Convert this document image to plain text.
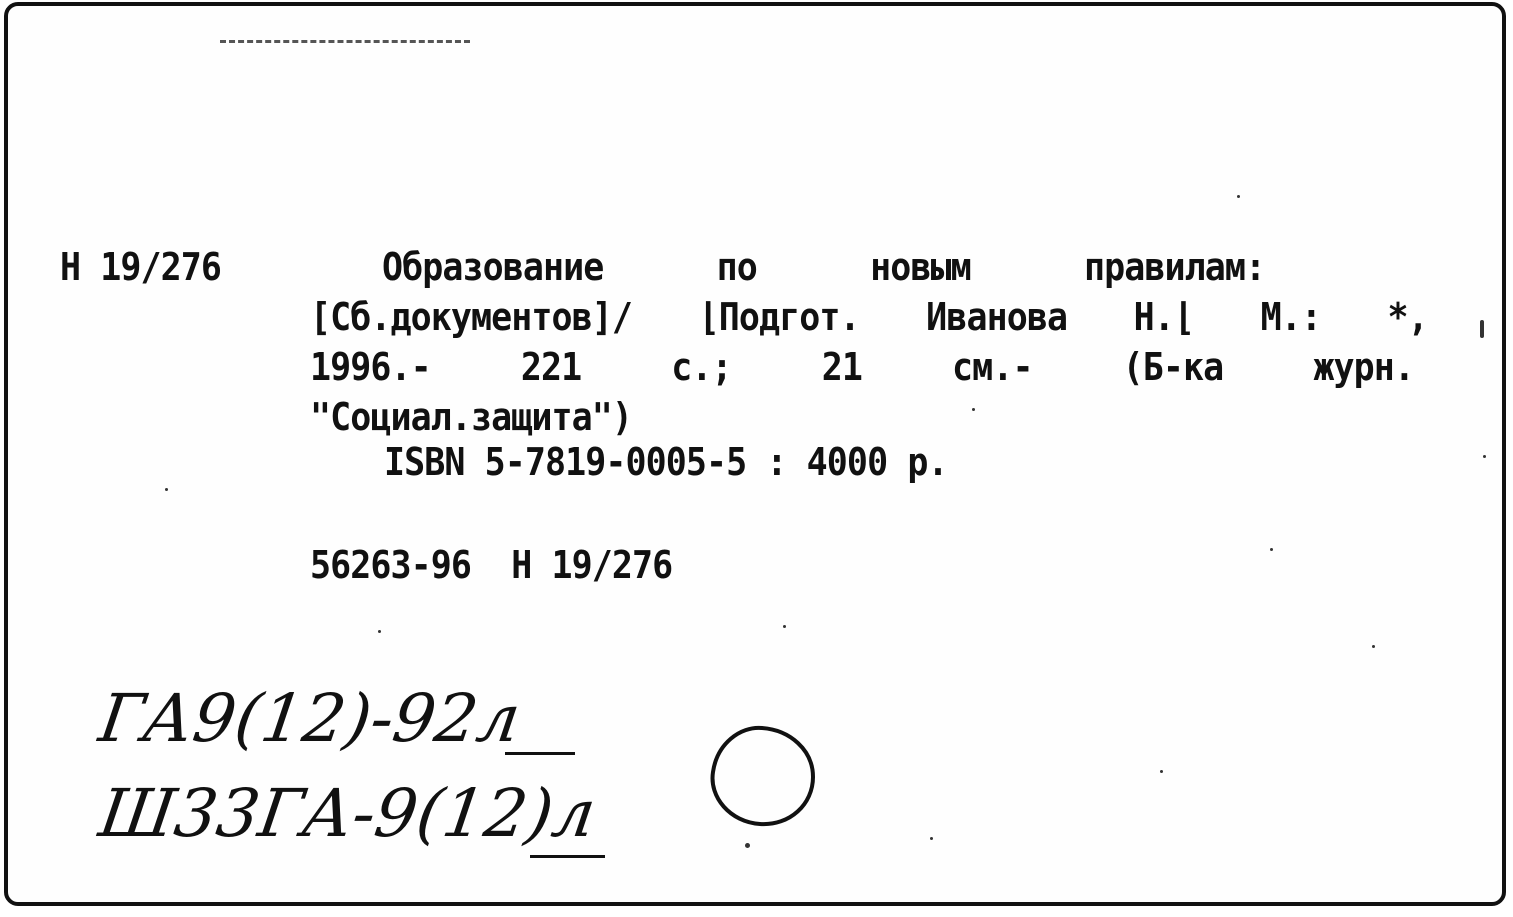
Н 19/276	Образование	по	новым	правилам:
[Сб.документов]/ ⌊Подгот. Иванова Н.⌊ М.: *,
1996.- 221 с.; 21 см.- (Б-ка журн.
"Социал.защита")
ISBN 5-7819-0005-5 : 4000 р.
56263-96  Н 19/276
ГА9(12)-92л
Ш33ГА-9(12)л
